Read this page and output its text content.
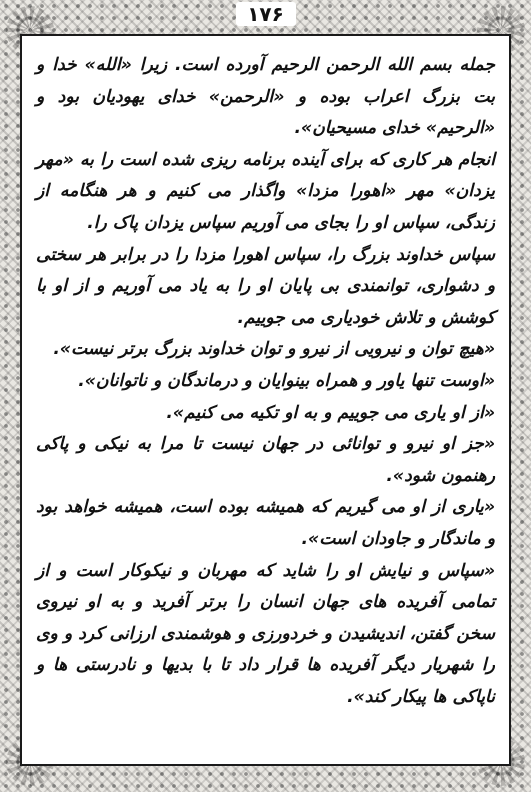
۱۷۶

جمله بسم الله الرحمن الرحیم آورده است. زیرا «الله» خدا و بت بزرگ اعراب بوده و «الرحمن» خدای یهودیان بود و «الرحیم» خدای مسیحیان».

انجام هر کاری که برای آینده برنامه ریزی شده است را به «مهر یزدان» مهر «اهورا مزدا» واگذار می کنیم و هر هنگامه از زندگی، سپاس او را بجای می آوریم سپاس یزدان پاک را.

سپاس خداوند بزرگ را، سپاس اهورا مزدا را در برابر هر سختی و دشواری، توانمندی بی پایان او را به یاد می آوریم و از او با کوشش و تلاش خودیاری می جوییم.

«هیچ توان و نیرویی از نیرو و توان خداوند بزرگ برتر نیست».

«اوست تنها یاور و همراه بینوایان و درماندگان و ناتوانان».

«از او یاری می جوییم و به او تکیه می کنیم».

«جز او نیرو و توانائی در جهان نیست تا مرا به نیکی و پاکی رهنمون شود».

«یاری از او می گیریم که همیشه بوده است، همیشه خواهد بود و ماندگار و جاودان است».

«سپاس و نیایش او را شاید که مهربان و نیکوکار است و از تمامی آفریده های جهان انسان را برتر آفرید و به او نیروی سخن گفتن، اندیشیدن و خردورزی و هوشمندی ارزانی کرد و وی را شهریار دیگر آفریده ها قرار داد تا با بدیها و نادرستی ها و ناپاکی ها پیکار کند».
